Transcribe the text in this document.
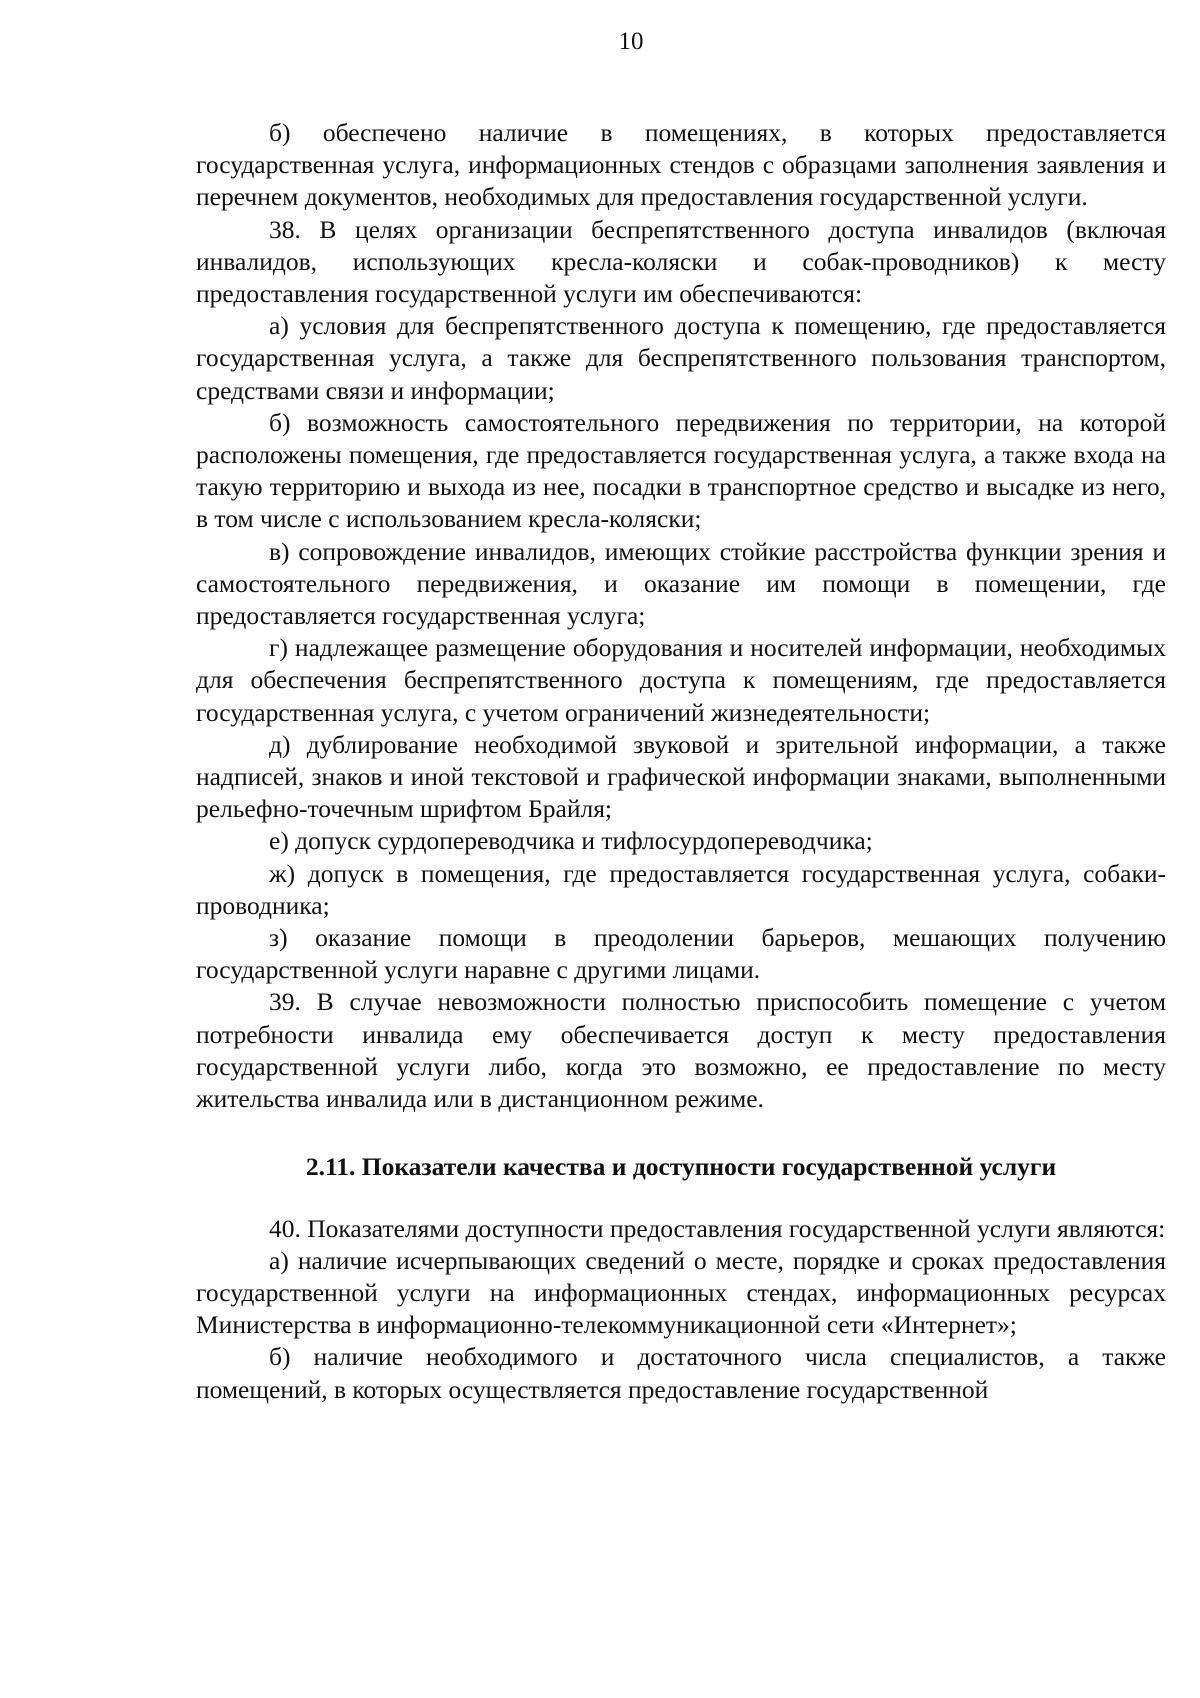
10

б) обеспечено наличие в помещениях, в которых предоставляется государственная услуга, информационных стендов с образцами заполнения заявления и перечнем документов, необходимых для предоставления государственной услуги.

38. В целях организации беспрепятственного доступа инвалидов (включая инвалидов, использующих кресла-коляски и собак-проводников) к месту предоставления государственной услуги им обеспечиваются:

а) условия для беспрепятственного доступа к помещению, где предоставляется государственная услуга, а также для беспрепятственного пользования транспортом, средствами связи и информации;

б) возможность самостоятельного передвижения по территории, на которой расположены помещения, где предоставляется государственная услуга, а также входа на такую территорию и выхода из нее, посадки в транспортное средство и высадке из него, в том числе с использованием кресла-коляски;

в) сопровождение инвалидов, имеющих стойкие расстройства функции зрения и самостоятельного передвижения, и оказание им помощи в помещении, где предоставляется государственная услуга;

г) надлежащее размещение оборудования и носителей информации, необходимых для обеспечения беспрепятственного доступа к помещениям, где предоставляется государственная услуга, с учетом ограничений жизнедеятельности;

д) дублирование необходимой звуковой и зрительной информации, а также надписей, знаков и иной текстовой и графической информации знаками, выполненными рельефно-точечным шрифтом Брайля;

е) допуск сурдопереводчика и тифлосурдопереводчика;

ж) допуск в помещения, где предоставляется государственная услуга, собаки-проводника;

з) оказание помощи в преодолении барьеров, мешающих получению государственной услуги наравне с другими лицами.

39. В случае невозможности полностью приспособить помещение с учетом потребности инвалида ему обеспечивается доступ к месту предоставления государственной услуги либо, когда это возможно, ее предоставление по месту жительства инвалида или в дистанционном режиме.

2.11. Показатели качества и доступности государственной услуги

40. Показателями доступности предоставления государственной услуги являются:

а) наличие исчерпывающих сведений о месте, порядке и сроках предоставления государственной услуги на информационных стендах, информационных ресурсах Министерства в информационно-телекоммуникационной сети «Интернет»;

б) наличие необходимого и достаточного числа специалистов, а также помещений, в которых осуществляется предоставление государственной
